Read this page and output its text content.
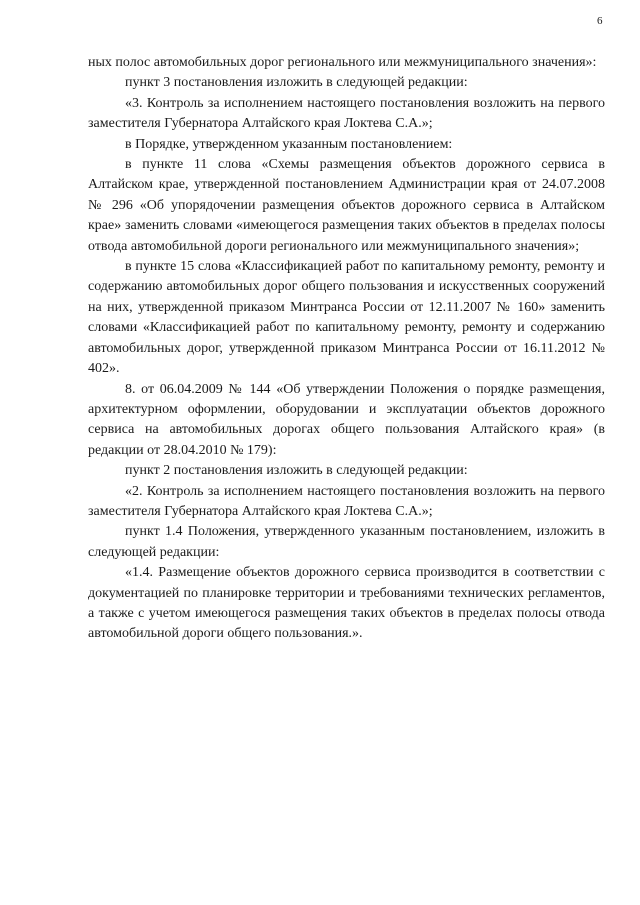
6

ных полос автомобильных дорог регионального или межмуниципального значения»:

пункт 3 постановления изложить в следующей редакции:

«3. Контроль за исполнением настоящего постановления возложить на первого заместителя Губернатора Алтайского края Локтева С.А.»;

в Порядке, утвержденном указанным постановлением:

в пункте 11 слова «Схемы размещения объектов дорожного сервиса в Алтайском крае, утвержденной постановлением Администрации края от 24.07.2008 № 296 «Об упорядочении размещения объектов дорожного сервиса в Алтайском крае» заменить словами «имеющегося размещения таких объектов в пределах полосы отвода автомобильной дороги регионального или межмуниципального значения»;

в пункте 15 слова «Классификацией работ по капитальному ремонту, ремонту и содержанию автомобильных дорог общего пользования и искусственных сооружений на них, утвержденной приказом Минтранса России от 12.11.2007 № 160» заменить словами «Классификацией работ по капитальному ремонту, ремонту и содержанию автомобильных дорог, утвержденной приказом Минтранса России от 16.11.2012 № 402».

8. от 06.04.2009 № 144 «Об утверждении Положения о порядке размещения, архитектурном оформлении, оборудовании и эксплуатации объектов дорожного сервиса на автомобильных дорогах общего пользования Алтайского края» (в редакции от 28.04.2010 № 179):

пункт 2 постановления изложить в следующей редакции:

«2. Контроль за исполнением настоящего постановления возложить на первого заместителя Губернатора Алтайского края Локтева С.А.»;

пункт 1.4 Положения, утвержденного указанным постановлением, изложить в следующей редакции:

«1.4. Размещение объектов дорожного сервиса производится в соответствии с документацией по планировке территории и требованиями технических регламентов, а также с учетом имеющегося размещения таких объектов в пределах полосы отвода автомобильной дороги общего пользования.».
